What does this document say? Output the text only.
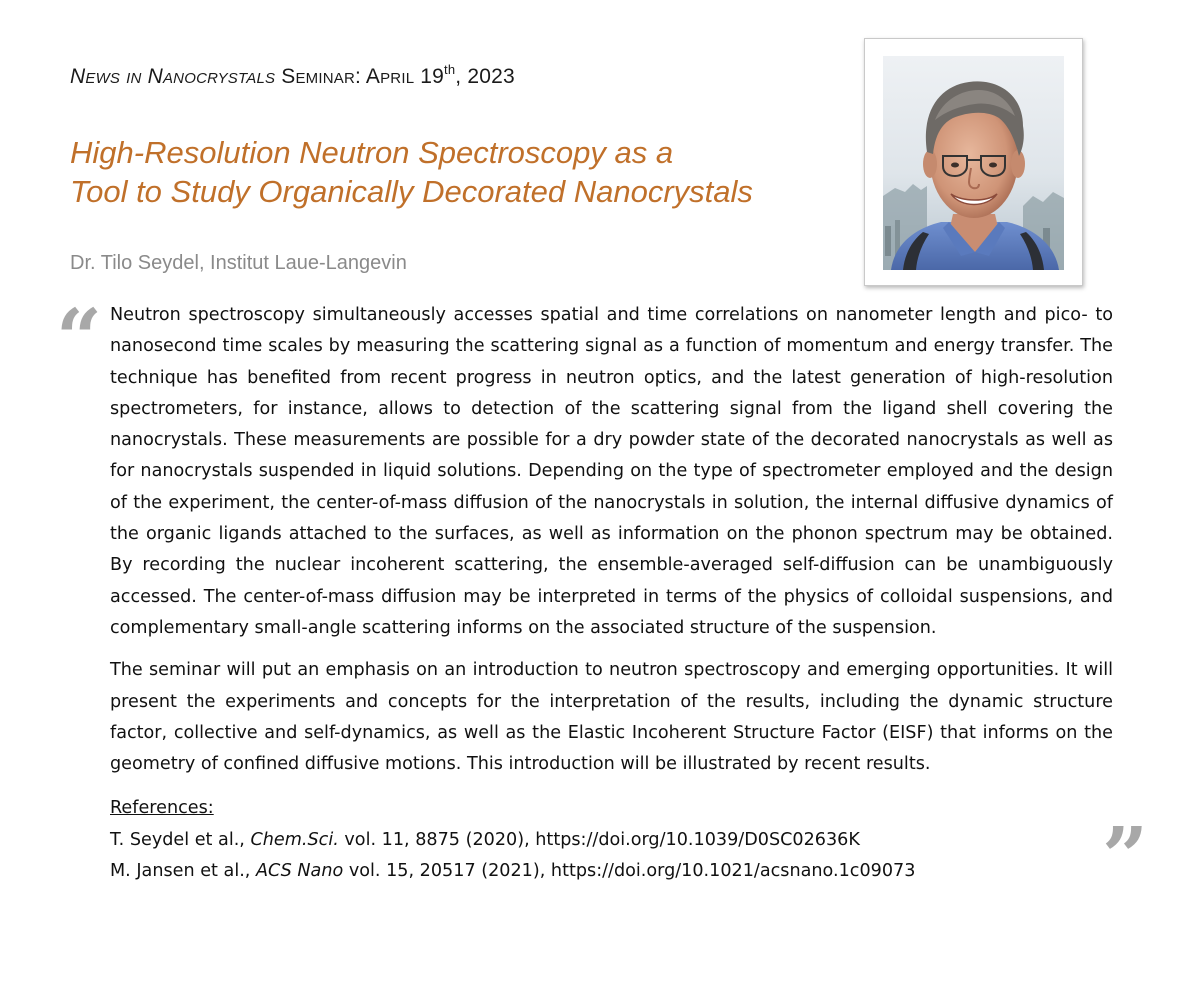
News in Nanocrystals Seminar: April 19th, 2023
High-Resolution Neutron Spectroscopy as a
Tool to Study Organically Decorated Nanocrystals
Dr. Tilo Seydel, Institut Laue-Langevin
“ Neutron spectroscopy simultaneously accesses spatial and time correlations on nanometer length and pico- to nanosecond time scales by measuring the scattering signal as a function of momentum and energy transfer. The technique has benefited from recent progress in neutron optics, and the latest generation of high-resolution spectrometers, for instance, allows to detection of the scattering signal from the ligand shell covering the nanocrystals. These measurements are possible for a dry powder state of the decorated nanocrystals as well as for nanocrystals suspended in liquid solutions. Depending on the type of spectrometer employed and the design of the experiment, the center-of-mass diffusion of the nanocrystals in solution, the internal diffusive dynamics of the organic ligands attached to the surfaces, as well as information on the phonon spectrum may be obtained. By recording the nuclear incoherent scattering, the ensemble-averaged self-diffusion can be unambiguously accessed. The center-of-mass diffusion may be interpreted in terms of the physics of colloidal suspensions, and complementary small-angle scattering informs on the associated structure of the suspension.

The seminar will put an emphasis on an introduction to neutron spectroscopy and emerging opportunities. It will present the experiments and concepts for the interpretation of the results, including the dynamic structure factor, collective and self-dynamics, as well as the Elastic Incoherent Structure Factor (EISF) that informs on the geometry of confined diffusive motions. This introduction will be illustrated by recent results.

References:
T. Seydel et al., Chem.Sci. vol. 11, 8875 (2020), https://doi.org/10.1039/D0SC02636K
M. Jansen et al., ACS Nano vol. 15, 20517 (2021), https://doi.org/10.1021/acsnano.1c09073	”
